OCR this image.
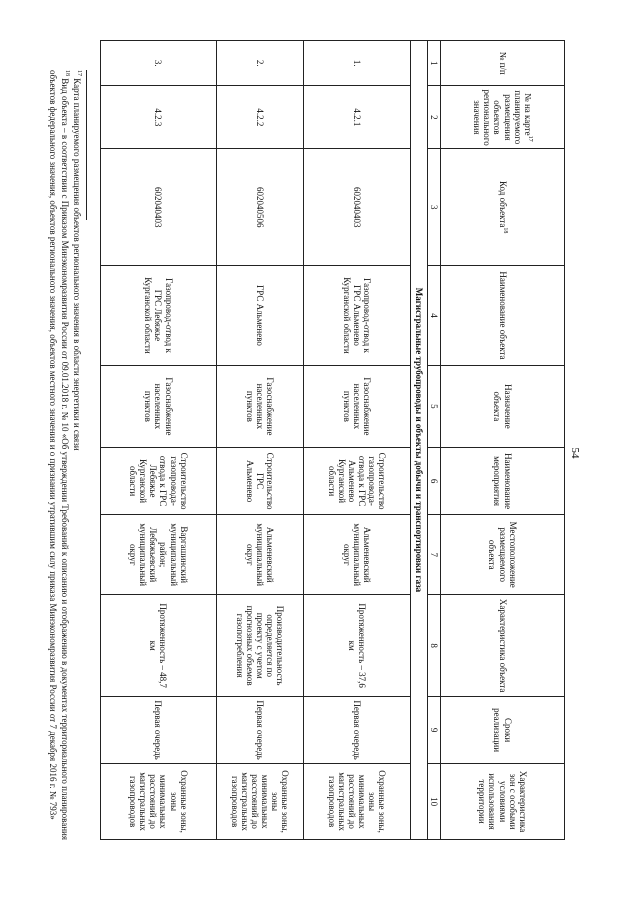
54
№ п/п	№ на карте$^{17}$ планируемого размещения объектов регионального значения	Код объекта$^{18}$	Наименование объекта	Назначение объекта	Наименование мероприятия	Местоположение размещаемого объекта	Характеристика объекта	Сроки реализации	Характеристика зон с особыми условиями использования территории
1	2	3	4	5	6	7	8	9	10
Магистральные трубопроводы и объекты добычи и транспортировки газа									
1.	4.2.1	602040403	Газопровод-отвод к ГРС Альменево Курганской области	Газоснабжение населенных пунктов	Строительство газопровода-отвода к ГРС Альменево Курганской области	Альменевский муниципальный округ	Протяженность – 37,6 км	Первая очередь	Охранные зоны, зоны минимальных расстояний до магистральных газопроводов
2.	4.2.2	602040506	ГРС Альменево	Газоснабжение населенных пунктов	Строительство ГРС Альменево	Альменевский муниципальный округ	Производительность определяется по проекту с учетом прогнозных объемов газопотребления	Первая очередь	Охранные зоны, зоны минимальных расстояний до магистральных газопроводов
3.	4.2.3	602040403	Газопровод-отвод к ГРС Лебяжье Курганской области	Газоснабжение населенных пунктов	Строительство газопровода-отвода к ГРС Лебяжье Курганской области	Варгашинский муниципальный район; Лебяжьевский муниципальный округ	Протяженность – 48,7 км	Первая очередь	Охранные зоны, зоны минимальных расстояний до магистральных газопроводов

$^{17}$ Карта планируемого размещения объектов регионального значения в области энергетики и связи

$^{18}$ Вид объекта – в соответствии с Приказом Минэкономразвития России от 09.01.2018 г. № 10 «Об утверждении Требований к описанию и отображению в документах территориального планирования объектов федерального значения, объектов регионального значения, объектов местного значения и о признании утратившим силу приказа Минэкономразвития России от 7 декабря 2016 г. № 793»
